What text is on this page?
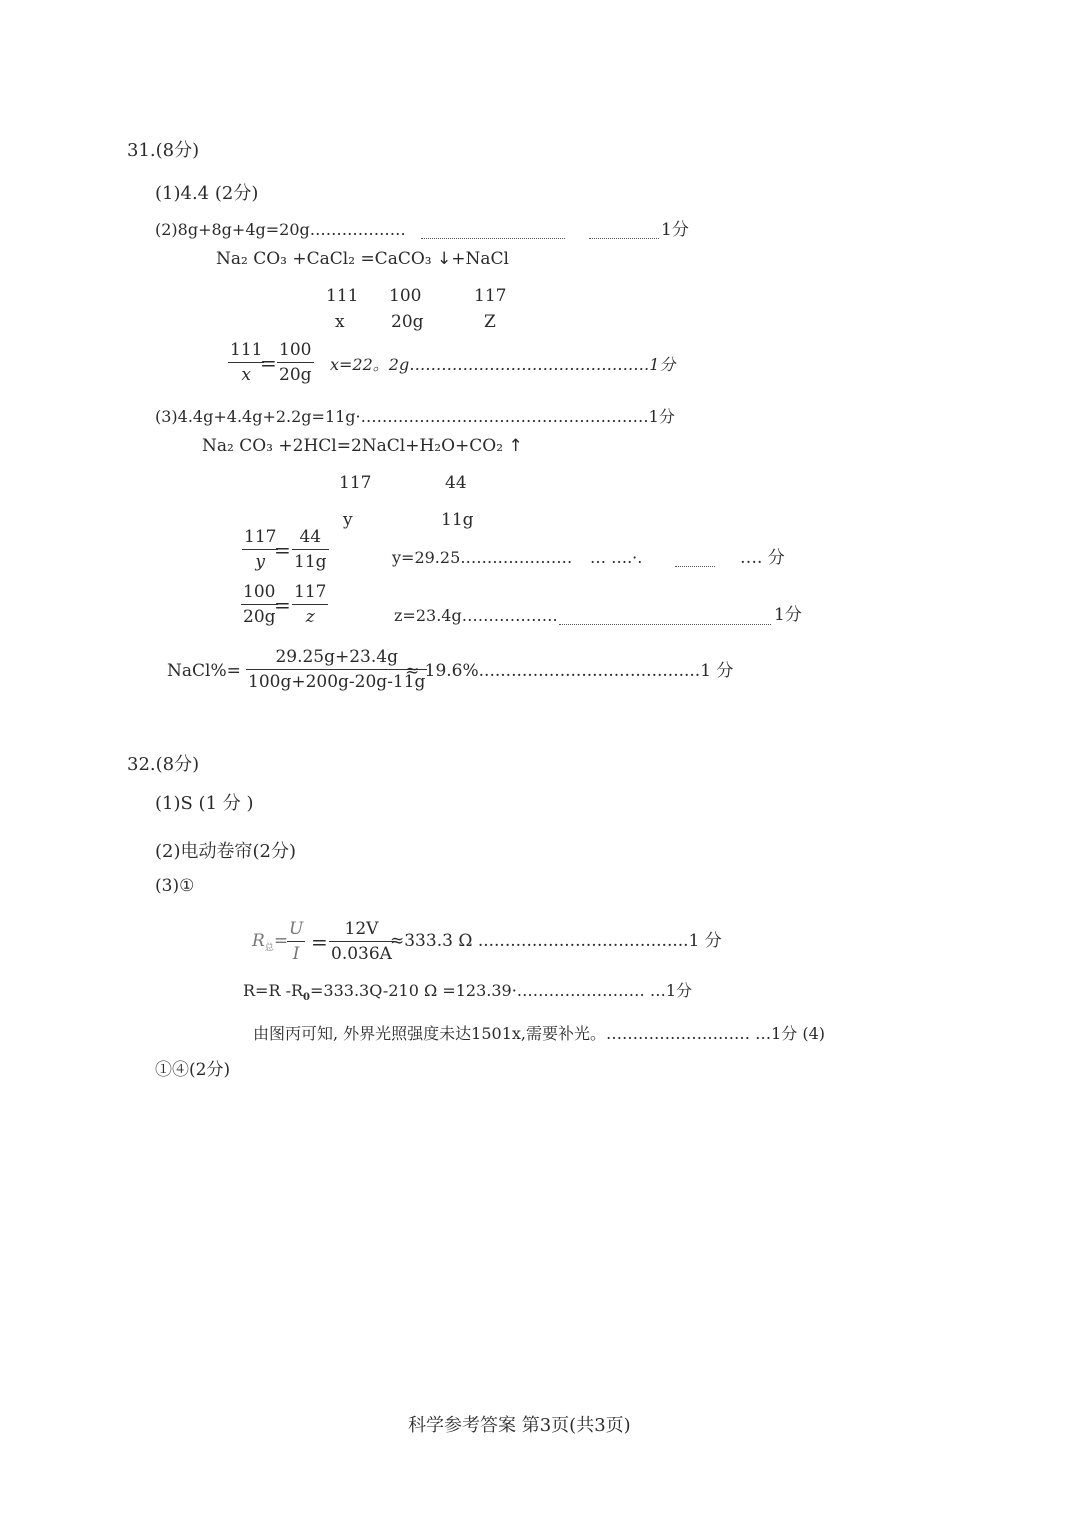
31.(8分)
(1)4.4 (2分)
(2)8g+8g+4g=20g………………	1分
Na₂ CO₃ +CaCl₂ =CaCO₃ ↓+NaCl
111 100	117
x	20g	Z
111
x =
100
20g
x=22。2g………………………………………1分
(3)4.4g+4.4g+2.2g=11g·………………………………………………1分
Na₂ CO₃ +2HCl=2NaCl+H₂O+CO₂ ↑
117	44
y	11g
117
y =
44
11g	y=29.25………………… … ….·.	…. 分
100
20g
=
117
z	z=23.4g………………	1分
NaCl%=
29.25g+23.4g
100g+200g-20g-11g
≈ 19.6%.........................................1 分
32.(8分)
(1)S (1 分 )
(2)电动卷帘(2分)
(3)①
$R_总=$
U
I =
12V
0.036A
≈333.3 Ω .......................................1 分
R=R $-R_0=333.3Q-210$ Ω =123.39·…………………… …1分
由图丙可知, 外界光照强度未达1501x,需要补光。……………………… …1分 (4)
①④(2分)
科学参考答案 第3页(共3页)
